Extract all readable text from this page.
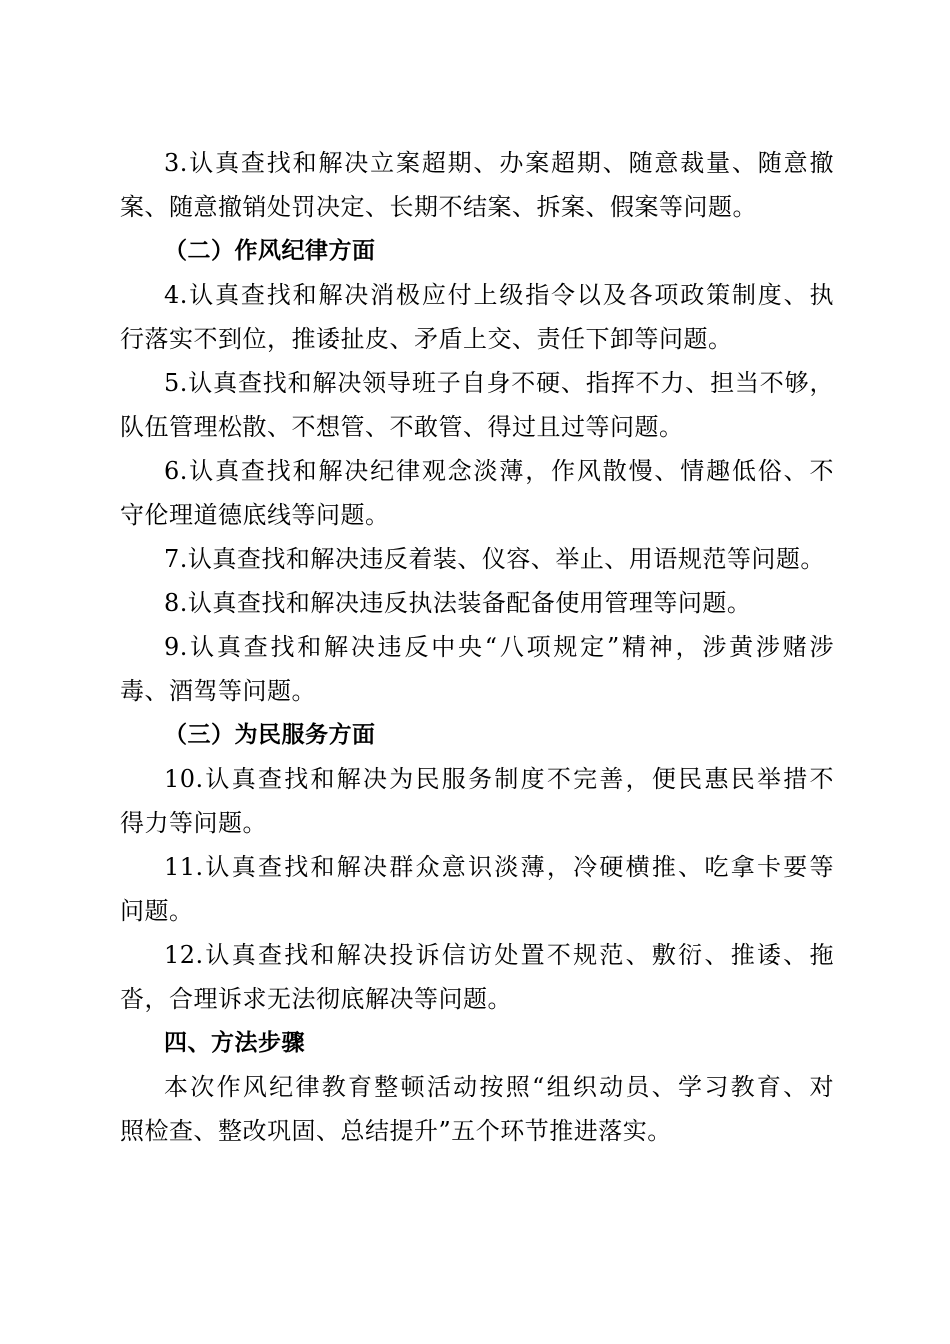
3.认真查找和解决立案超期、办案超期、随意裁量、随意撤
案、随意撤销处罚决定、长期不结案、拆案、假案等问题。
（二）作风纪律方面
4.认真查找和解决消极应付上级指令以及各项政策制度、执
行落实不到位，推诿扯皮、矛盾上交、责任下卸等问题。
5.认真查找和解决领导班子自身不硬、指挥不力、担当不够，
队伍管理松散、不想管、不敢管、得过且过等问题。
6.认真查找和解决纪律观念淡薄，作风散慢、情趣低俗、不
守伦理道德底线等问题。
7.认真查找和解决违反着装、仪容、举止、用语规范等问题。
8.认真查找和解决违反执法装备配备使用管理等问题。
9.认真查找和解决违反中央“八项规定”精神，涉黄涉赌涉
毒、酒驾等问题。
（三）为民服务方面
10.认真查找和解决为民服务制度不完善，便民惠民举措不
得力等问题。
11.认真查找和解决群众意识淡薄，冷硬横推、吃拿卡要等
问题。
12.认真查找和解决投诉信访处置不规范、敷衍、推诿、拖
沓，合理诉求无法彻底解决等问题。
四、方法步骤
本次作风纪律教育整顿活动按照“组织动员、学习教育、对
照检查、整改巩固、总结提升”五个环节推进落实。
